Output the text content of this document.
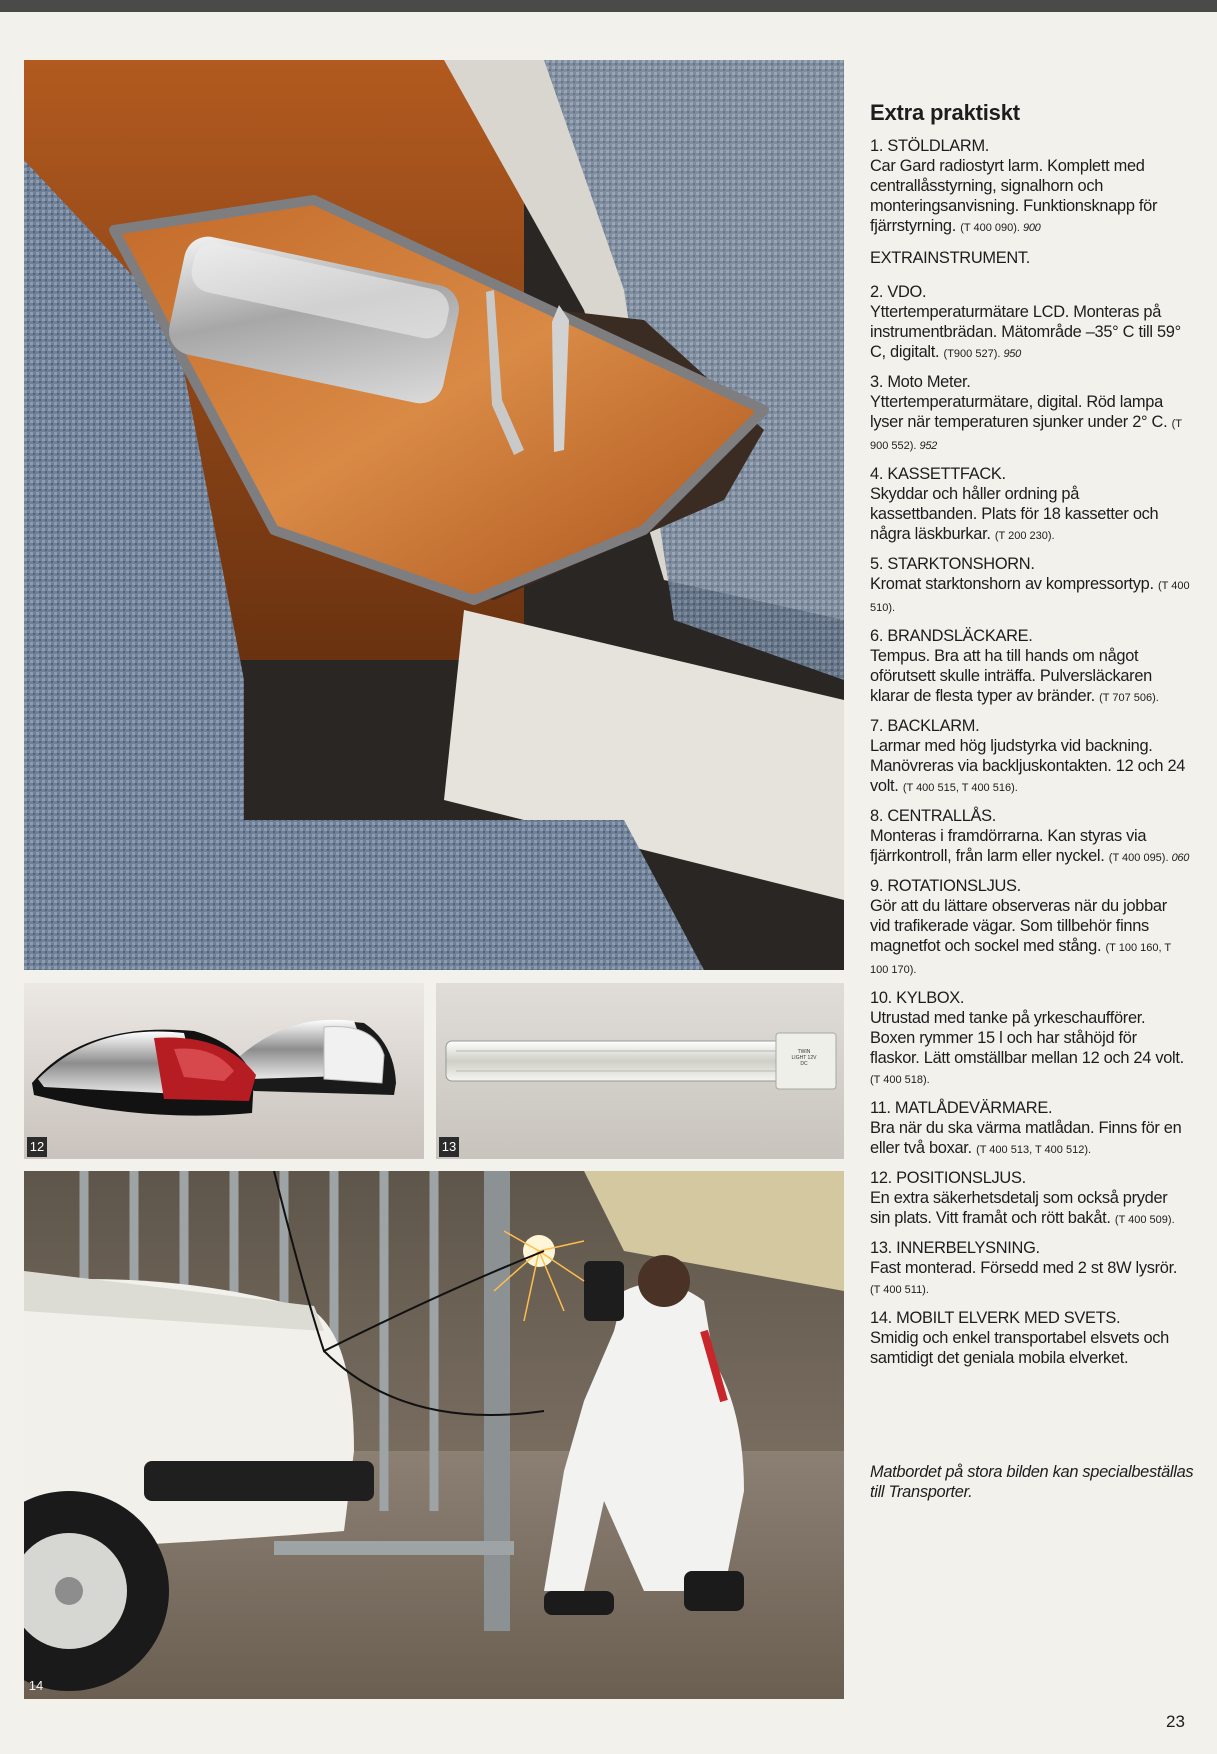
12
TWIN LIGHT 12V DC
13
14
Extra praktiskt
1. STÖLDLARM.
Car Gard radiostyrt larm. Komplett med centrallåsstyrning, signalhorn och monteringsanvisning. Funktionsknapp för fjärrstyrning. (T 400 090). 900
EXTRAINSTRUMENT.
2. VDO.
Yttertemperaturmätare LCD. Monteras på instrumentbrädan. Mätområde –35° C till 59° C, digitalt. (T900 527). 950
3. Moto Meter.
Yttertemperaturmätare, digital. Röd lampa lyser när temperaturen sjunker under 2° C. (T 900 552). 952
4. KASSETTFACK.
Skyddar och håller ordning på kassettbanden. Plats för 18 kassetter och några läskburkar. (T 200 230).
5. STARKTONSHORN.
Kromat starktonshorn av kompressortyp. (T 400 510).
6. BRANDSLÄCKARE.
Tempus. Bra att ha till hands om något oförutsett skulle inträffa. Pulversläckaren klarar de flesta typer av bränder. (T 707 506).
7. BACKLARM.
Larmar med hög ljudstyrka vid backning. Manövreras via backljuskontakten. 12 och 24 volt. (T 400 515, T 400 516).
8. CENTRALLÅS.
Monteras i framdörrarna. Kan styras via fjärrkontroll, från larm eller nyckel. (T 400 095). 060
9. ROTATIONSLJUS.
Gör att du lättare observeras när du jobbar vid trafikerade vägar. Som tillbehör finns magnetfot och sockel med stång. (T 100 160, T 100 170).
10. KYLBOX.
Utrustad med tanke på yrkeschaufförer. Boxen rymmer 15 l och har ståhöjd för flaskor. Lätt omställbar mellan 12 och 24 volt. (T 400 518).
11. MATLÅDEVÄRMARE.
Bra när du ska värma matlådan. Finns för en eller två boxar. (T 400 513, T 400 512).
12. POSITIONSLJUS.
En extra säkerhetsdetalj som också pryder sin plats. Vitt framåt och rött bakåt. (T 400 509).
13. INNERBELYSNING.
Fast monterad. Försedd med 2 st 8W lysrör. (T 400 511).
14. MOBILT ELVERK MED SVETS.
Smidig och enkel transportabel elsvets och samtidigt det geniala mobila elverket.
Matbordet på stora bilden kan specialbeställas till Transporter.
23
